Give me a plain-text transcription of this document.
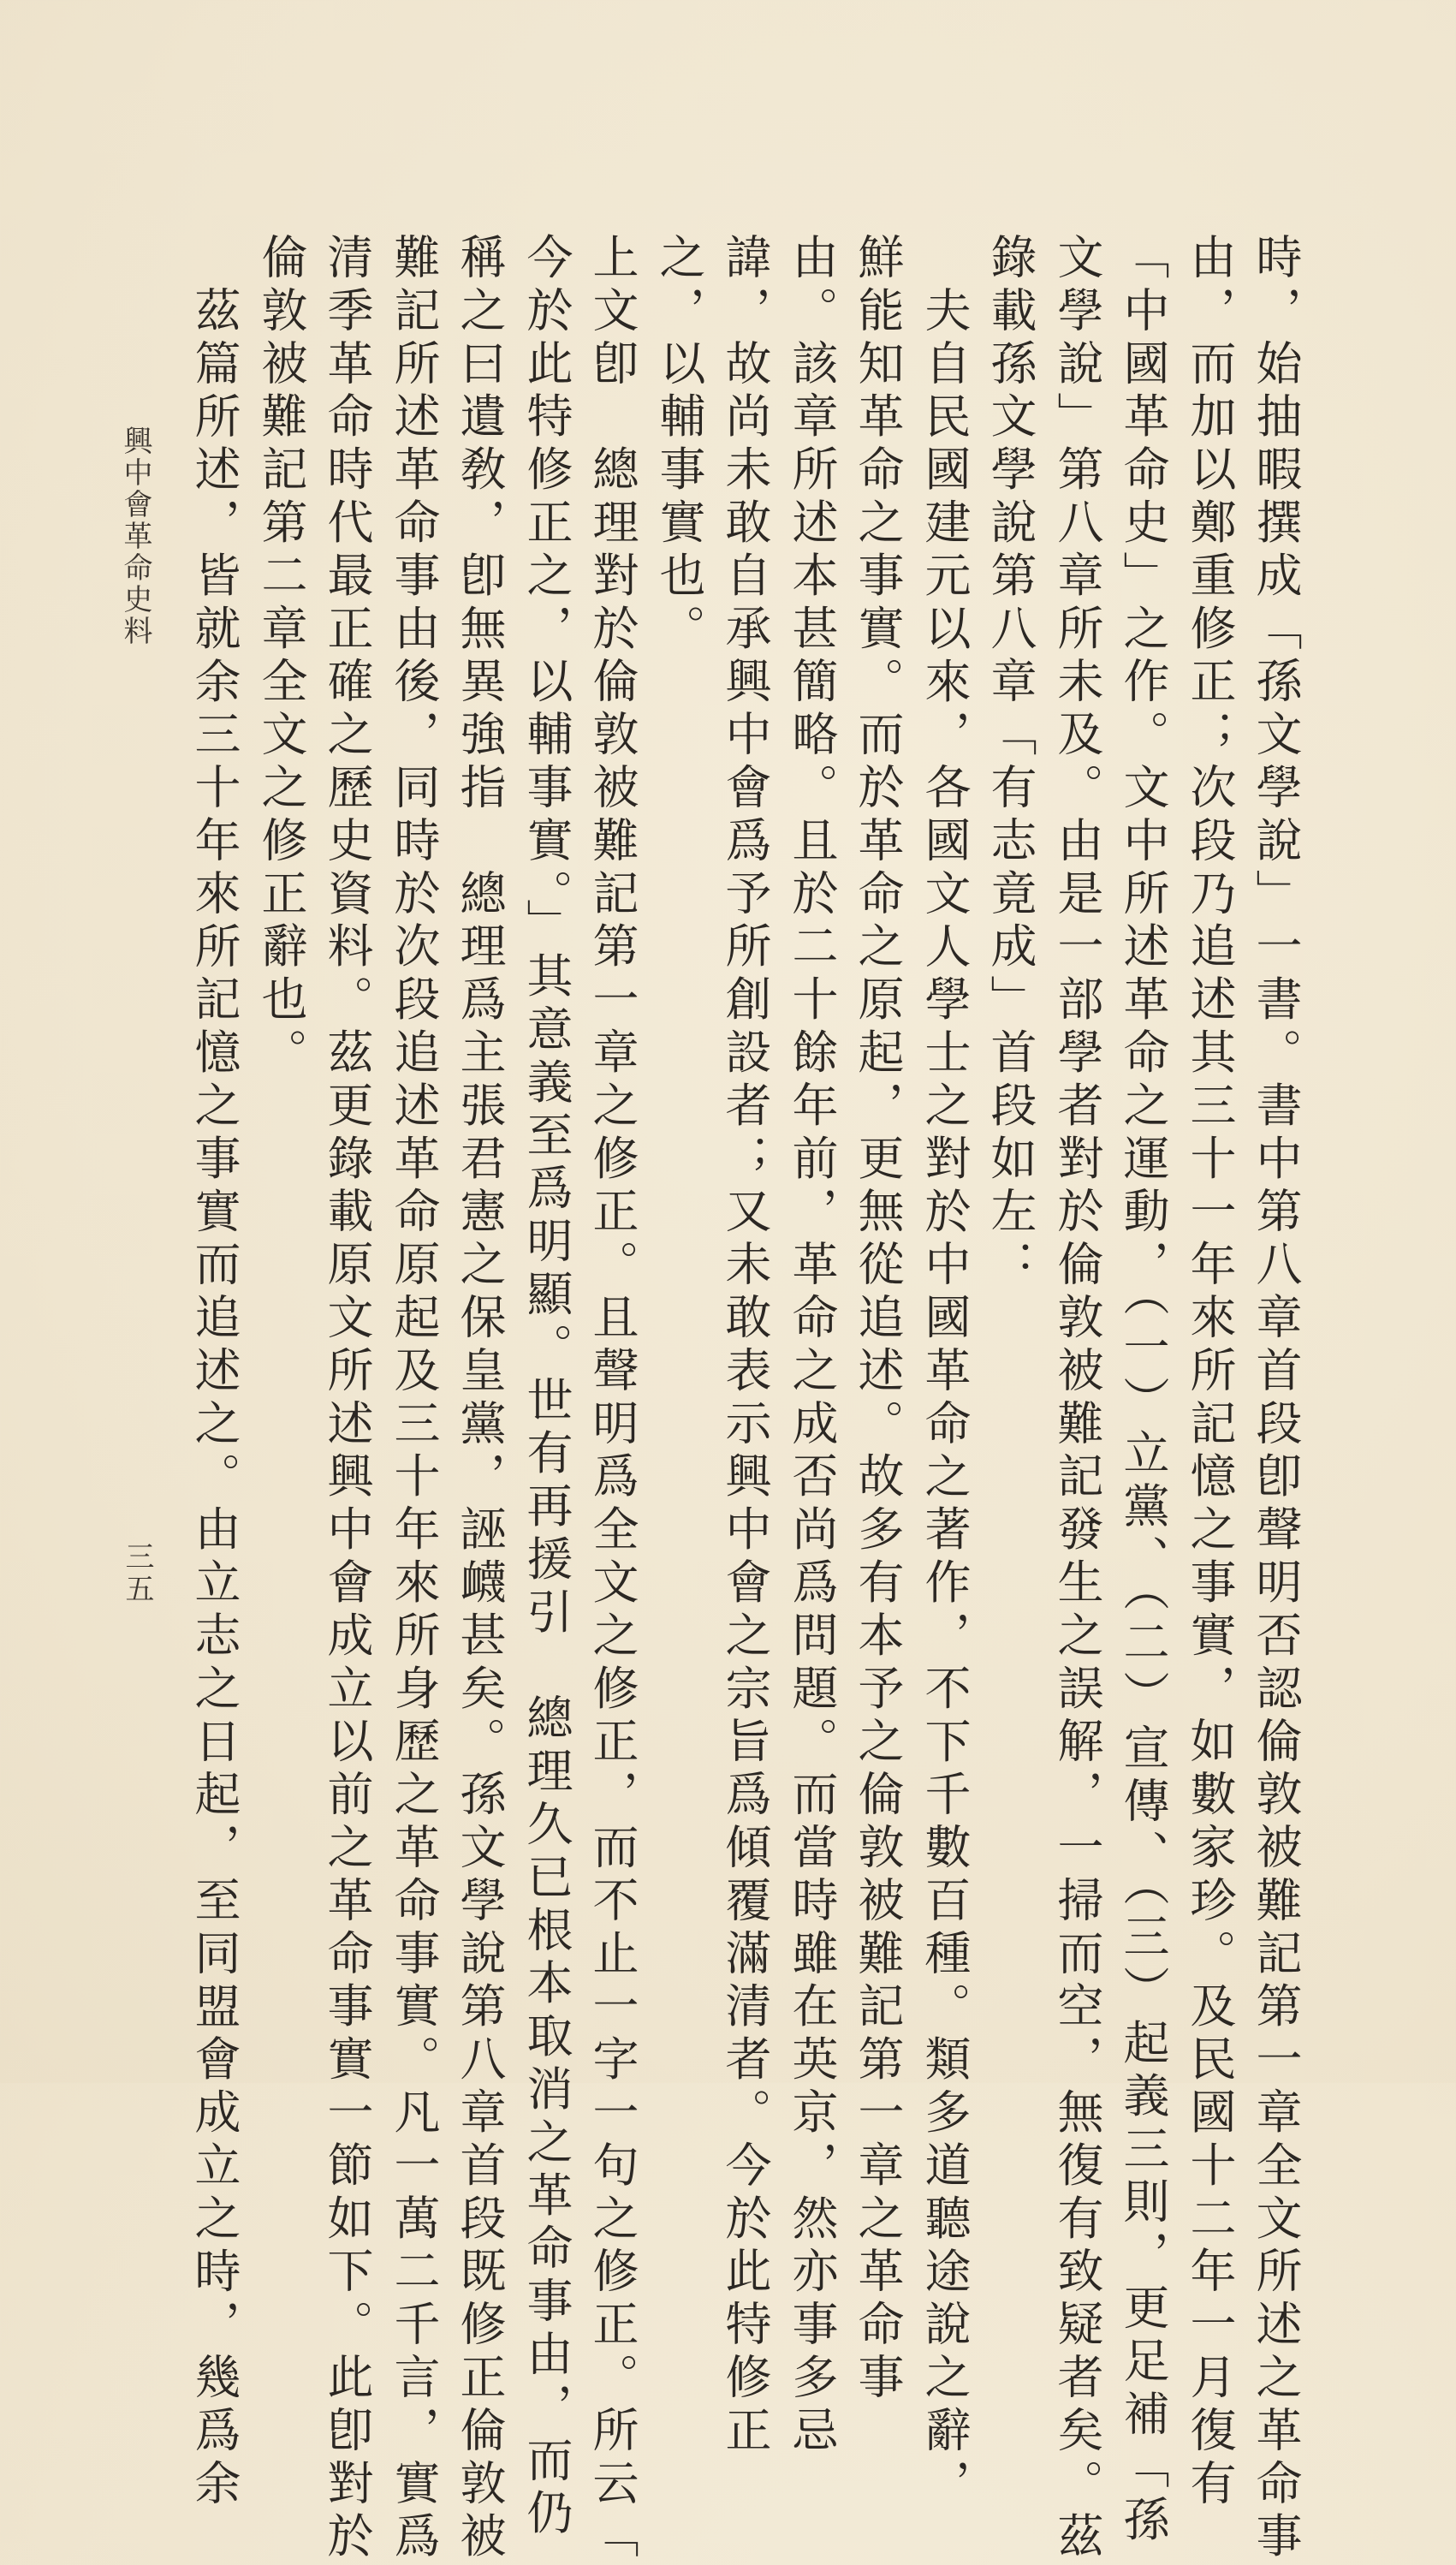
時，始抽暇撰成「孫文學說」一書。書中第八章首段卽聲明否認倫敦被難記第一章全文所述之革命事
由，而加以鄭重修正；次段乃追述其三十一年來所記憶之事實，如數家珍。及民國十二年一月復有
「中國革命史」之作。文中所述革命之運動，（一）立黨、（二）宣傳、（三）起義三則，更足補「孫
文學說」第八章所未及。由是一部學者對於倫敦被難記發生之誤解，一掃而空，無復有致疑者矣。茲
錄載孫文學說第八章「有志竟成」首段如左：
夫自民國建元以來，各國文人學士之對於中國革命之著作，不下千數百種。類多道聽途說之辭，
鮮能知革命之事實。而於革命之原起，更無從追述。故多有本予之倫敦被難記第一章之革命事
由。該章所述本甚簡略。且於二十餘年前，革命之成否尚爲問題。而當時雖在英京，然亦事多忌
諱，故尚未敢自承興中會爲予所創設者；又未敢表示興中會之宗旨爲傾覆滿清者。今於此特修正
之，以輔事實也。
上文卽　總理對於倫敦被難記第一章之修正。且聲明爲全文之修正，而不止一字一句之修正。所云「
今於此特修正之，以輔事實。」其意義至爲明顯。世有再援引　總理久已根本取消之革命事由，而仍
稱之曰遺敎，卽無異強指　總理爲主張君憲之保皇黨，誣衊甚矣。孫文學說第八章首段既修正倫敦被
難記所述革命事由後，同時於次段追述革命原起及三十年來所身歷之革命事實。凡一萬二千言，實爲
清季革命時代最正確之歷史資料。茲更錄載原文所述興中會成立以前之革命事實一節如下。此卽對於
倫敦被難記第二章全文之修正辭也。
茲篇所述，皆就余三十年來所記憶之事實而追述之。由立志之日起，至同盟會成立之時，幾爲余
興中會革命史料
三五
